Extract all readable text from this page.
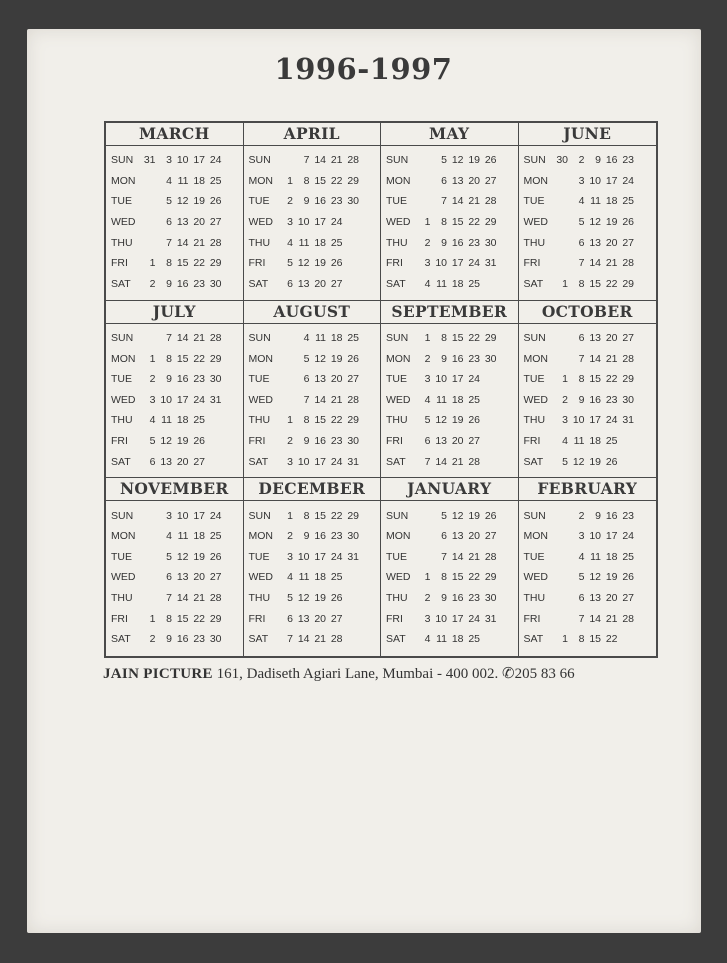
1996-1997
MARCH
SUN	31	3 10 17 24
MON	4 11 18 25
TUE	5 12 19 26
WED	6 13 20 27
THU	7 14 21 28
FRI	1	8 15 22 29
SAT	2	9 16 23 30
APRIL
SUN	7 14 21 28
MON	1	8 15 22 29
TUE	2	9 16 23 30
WED	3 10 17 24
THU	4 11 18 25
FRI	5 12 19 26
SAT	6 13 20 27
MAY
SUN	5 12 19 26
MON	6 13 20 27
TUE	7 14 21 28
WED	1	8 15 22 29
THU	2	9 16 23 30
FRI	3 10 17 24 31
SAT	4 11 18 25
JUNE
SUN	30	2	9 16 23
MON	3 10 17 24
TUE	4 11 18 25
WED	5 12 19 26
THU	6 13 20 27
FRI	7 14 21 28
SAT	1	8 15 22 29
JULY
SUN	7 14 21 28
MON	1	8 15 22 29
TUE	2	9 16 23 30
WED	3 10 17 24 31
THU	4 11 18 25
FRI	5 12 19 26
SAT	6 13 20 27
AUGUST
SUN	4 11 18 25
MON	5 12 19 26
TUE	6 13 20 27
WED	7 14 21 28
THU	1	8 15 22 29
FRI	2	9 16 23 30
SAT	3 10 17 24 31
SEPTEMBER
SUN	1	8 15 22 29
MON	2	9 16 23 30
TUE	3 10 17 24
WED	4 11 18 25
THU	5 12 19 26
FRI	6 13 20 27
SAT	7 14 21 28
OCTOBER
SUN	6 13 20 27
MON	7 14 21 28
TUE	1	8 15 22 29
WED	2	9 16 23 30
THU	3 10 17 24 31
FRI	4 11 18 25
SAT	5 12 19 26
NOVEMBER
SUN	3 10 17 24
MON	4 11 18 25
TUE	5 12 19 26
WED	6 13 20 27
THU	7 14 21 28
FRI	1	8 15 22 29
SAT	2	9 16 23 30
DECEMBER
SUN	1	8 15 22 29
MON	2	9 16 23 30
TUE	3 10 17 24 31
WED	4 11 18 25
THU	5 12 19 26
FRI	6 13 20 27
SAT	7 14 21 28
JANUARY
SUN	5 12 19 26
MON	6 13 20 27
TUE	7 14 21 28
WED	1	8 15 22 29
THU	2	9 16 23 30
FRI	3 10 17 24 31
SAT	4 11 18 25
FEBRUARY
SUN	2	9 16 23
MON	3 10 17 24
TUE	4 11 18 25
WED	5 12 19 26
THU	6 13 20 27
FRI	7 14 21 28
SAT	1	8 15 22
JAIN PICTURE 161, Dadiseth Agiari Lane, Mumbai - 400 002. ✆205 83 66
